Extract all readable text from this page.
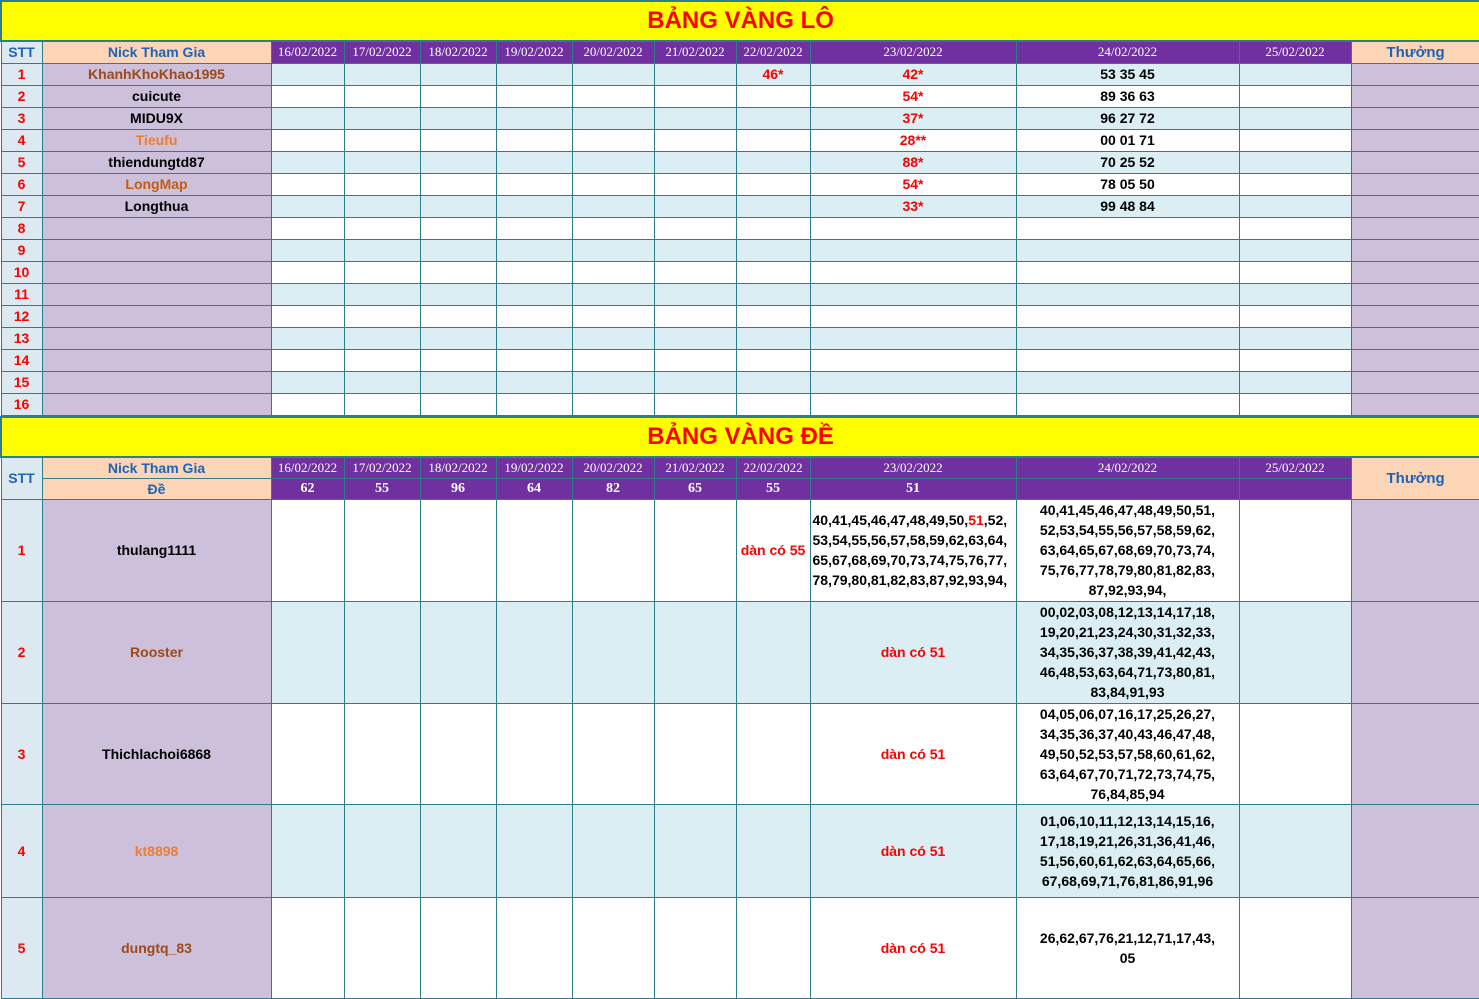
BẢNG VÀNG LÔ												
STT	Nick Tham Gia	16/02/2022	17/02/2022	18/02/2022	19/02/2022	20/02/2022	21/02/2022	22/02/2022	23/02/2022	24/02/2022	25/02/2022	Thưởng
1	KhanhKhoKhao1995							46*	42*	53 35 45		
2	cuicute								54*	89 36 63		
3	MIDU9X								37*	96 27 72		
4	Tieufu								28**	00 01 71		
5	thiendungtd87								88*	70 25 52		
6	LongMap								54*	78 05 50		
7	Longthua								33*	99 48 84		
8												
9												
10												
11												
12												
13												
14												
15												
16												
BẢNG VÀNG ĐỀ												
STT	Nick Tham Gia	16/02/2022	17/02/2022	18/02/2022	19/02/2022	20/02/2022	21/02/2022	22/02/2022	23/02/2022	24/02/2022	25/02/2022	Thưởng
	Đề	62	55	96	64	82	65	55	51			
1	thulang1111							dàn có 55	40,41,45,46,47,48,49,50,51,52,53,54,55,56,57,58,59,62,63,64,65,67,68,69,70,73,74,75,76,77,78,79,80,81,82,83,87,92,93,94,	40,41,45,46,47,48,49,50,51,52,53,54,55,56,57,58,59,62,63,64,65,67,68,69,70,73,74,75,76,77,78,79,80,81,82,83,87,92,93,94,		
2	Rooster								dàn có 51	00,02,03,08,12,13,14,17,18,19,20,21,23,24,30,31,32,33,34,35,36,37,38,39,41,42,43,46,48,53,63,64,71,73,80,81,83,84,91,93		
3	Thichlachoi6868								dàn có 51	04,05,06,07,16,17,25,26,27,34,35,36,37,40,43,46,47,48,49,50,52,53,57,58,60,61,62,63,64,67,70,71,72,73,74,75,76,84,85,94		
4	kt8898								dàn có 51	01,06,10,11,12,13,14,15,16,17,18,19,21,26,31,36,41,46,51,56,60,61,62,63,64,65,66,67,68,69,71,76,81,86,91,96		
5	dungtq_83								dàn có 51	26,62,67,76,21,12,71,17,43,05		
